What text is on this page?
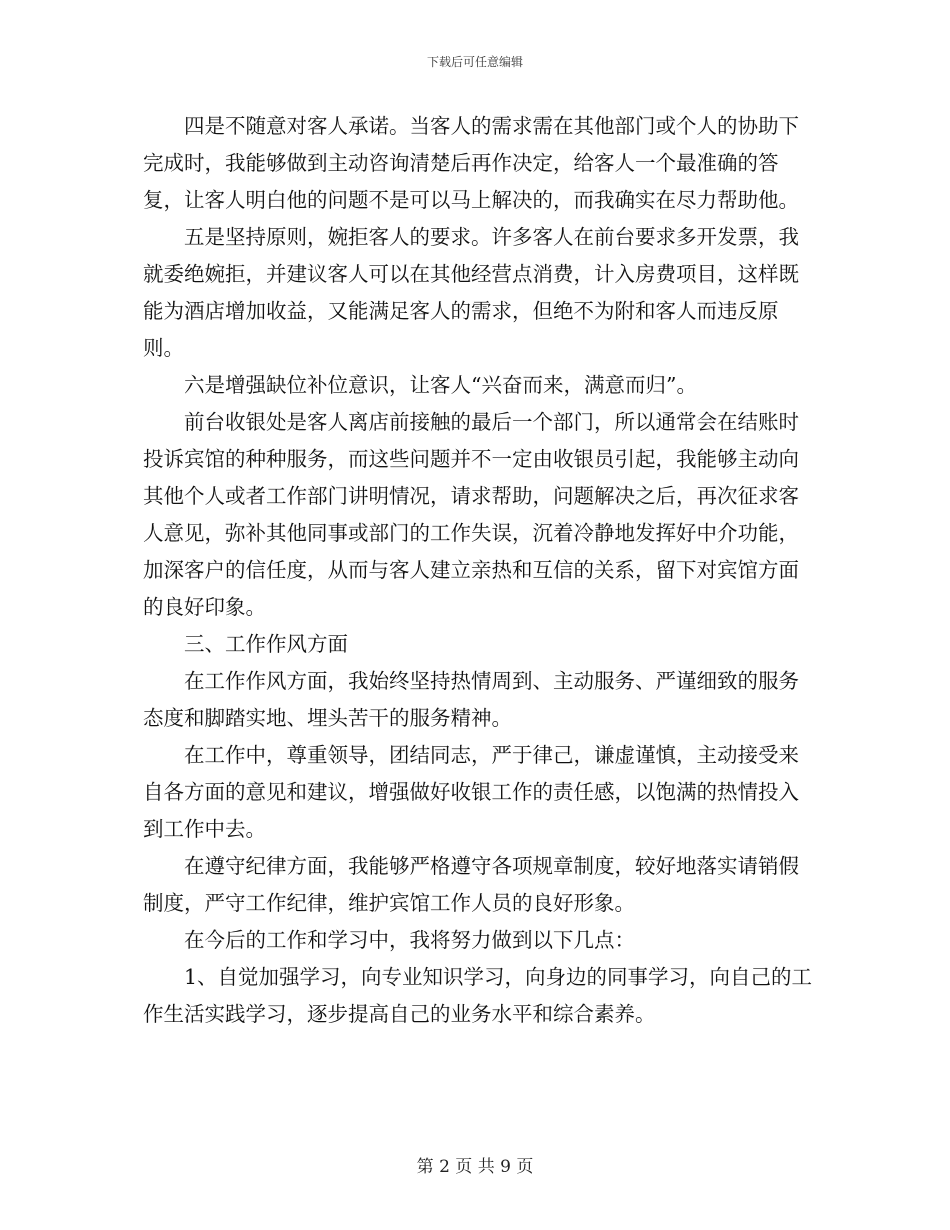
下载后可任意编辑

四是不随意对客人承诺。当客人的需求需在其他部门或个人的协助下完成时，我能够做到主动咨询清楚后再作决定，给客人一个最准确的答复，让客人明白他的问题不是可以马上解决的，而我确实在尽力帮助他。

五是坚持原则，婉拒客人的要求。许多客人在前台要求多开发票，我就委绝婉拒，并建议客人可以在其他经营点消费，计入房费项目，这样既能为酒店增加收益，又能满足客人的需求，但绝不为附和客人而违反原则。

六是增强缺位补位意识，让客人“兴奋而来，满意而归”。

前台收银处是客人离店前接触的最后一个部门，所以通常会在结账时投诉宾馆的种种服务，而这些问题并不一定由收银员引起，我能够主动向其他个人或者工作部门讲明情况，请求帮助，问题解决之后，再次征求客人意见，弥补其他同事或部门的工作失误，沉着冷静地发挥好中介功能，加深客户的信任度，从而与客人建立亲热和互信的关系，留下对宾馆方面的良好印象。

三、工作作风方面

在工作作风方面，我始终坚持热情周到、主动服务、严谨细致的服务态度和脚踏实地、埋头苦干的服务精神。

在工作中，尊重领导，团结同志，严于律己，谦虚谨慎，主动接受来自各方面的意见和建议，增强做好收银工作的责任感，以饱满的热情投入到工作中去。

在遵守纪律方面，我能够严格遵守各项规章制度，较好地落实请销假制度，严守工作纪律，维护宾馆工作人员的良好形象。

在今后的工作和学习中，我将努力做到以下几点：

1、自觉加强学习，向专业知识学习，向身边的同事学习，向自己的工作生活实践学习，逐步提高自己的业务水平和综合素养。

第 2 页 共 9 页
